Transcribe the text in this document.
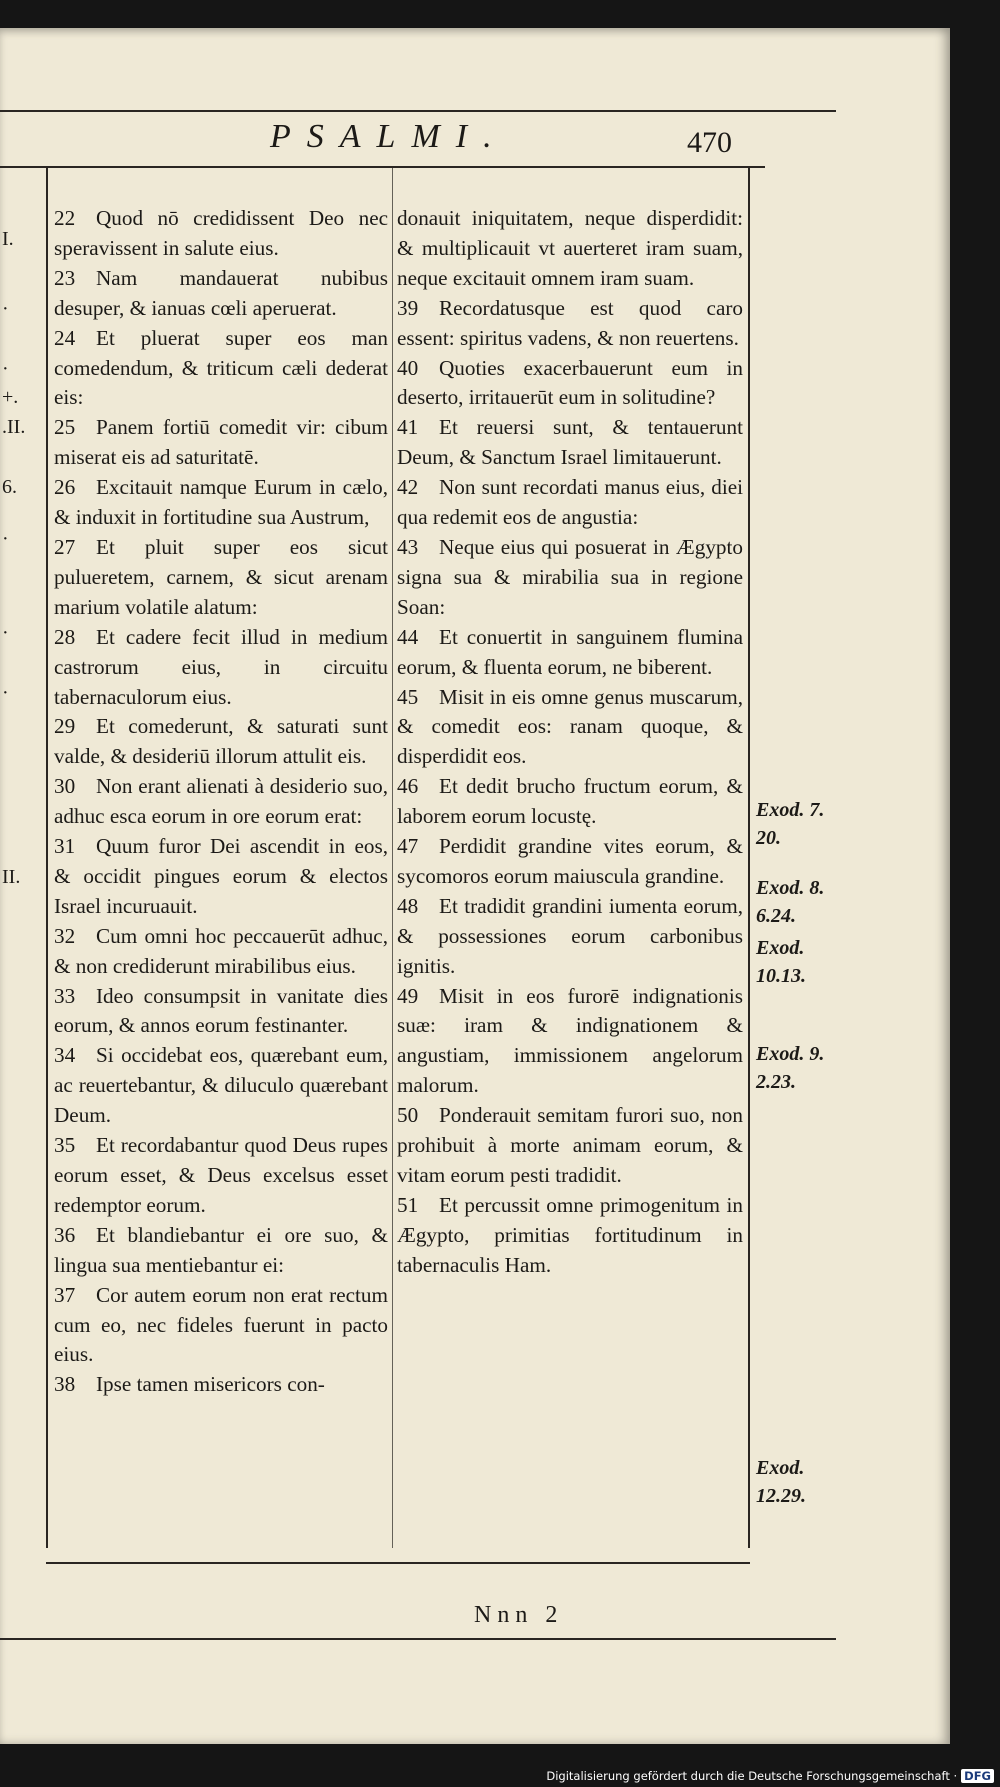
PSALMI.	470
I.
·
·
+.
.II.
6.
·
·
·
II.

22 Quod nō credidissent Deo nec speravissent in salute eius.

23 Nam mandauerat nubibus desuper, & ianuas cœli aperuerat.

24 Et pluerat super eos man comedendum, & triticum cæli dederat eis:

25 Panem fortiū comedit vir: cibum miserat eis ad saturitatē.

26 Excitauit namque Eurum in cælo, & induxit in fortitudine sua Austrum,

27 Et pluit super eos sicut pulueretem, carnem, & sicut arenam marium volatile alatum:

28 Et cadere fecit illud in medium castrorum eius, in circuitu tabernaculorum eius.

29 Et comederunt, & saturati sunt valde, & desideriū illorum attulit eis.

30 Non erant alienati à desiderio suo, adhuc esca eorum in ore eorum erat:

31 Quum furor Dei ascendit in eos, & occidit pingues eorum & electos Israel incuruauit.

32 Cum omni hoc peccauerūt adhuc, & non crediderunt mirabilibus eius.

33 Ideo consumpsit in vanitate dies eorum, & annos eorum festinanter.

34 Si occidebat eos, quærebant eum, ac reuertebantur, & diluculo quærebant Deum.

35 Et recordabantur quod Deus rupes eorum esset, & Deus excelsus esset redemptor eorum.

36 Et blandiebantur ei ore suo, & lingua sua mentiebantur ei:

37 Cor autem eorum non erat rectum cum eo, nec fideles fuerunt in pacto eius.

38 Ipse tamen misericors con-

donauit iniquitatem, neque disperdidit: & multiplicauit vt auerteret iram suam, neque excitauit omnem iram suam.

39 Recordatusque est quod caro essent: spiritus vadens, & non reuertens.

40 Quoties exacerbauerunt eum in deserto, irritauerūt eum in solitudine?

41 Et reuersi sunt, & tentauerunt Deum, & Sanctum Israel limitauerunt.

42 Non sunt recordati manus eius, diei qua redemit eos de angustia:

43 Neque eius qui posuerat in Ægypto signa sua & mirabilia sua in regione Soan:

44 Et conuertit in sanguinem flumina eorum, & fluenta eorum, ne biberent.

45 Misit in eis omne genus muscarum, & comedit eos: ranam quoque, & disperdidit eos.

46 Et dedit brucho fructum eorum, & laborem eorum locustę.

47 Perdidit grandine vites eorum, & sycomoros eorum maiuscula grandine.

48 Et tradidit grandini iumenta eorum, & possessiones eorum carbonibus ignitis.

49 Misit in eos furorē indignationis suæ: iram & indignationem & angustiam, immissionem angelorum malorum.

50 Ponderauit semitam furori suo, non prohibuit à morte animam eorum, & vitam eorum pesti tradidit.

51 Et percussit omne primogenitum in Ægypto, primitias fortitudinum in tabernaculis Ham.

Exod. 7.
20.
Exod. 8.
6.24.
Exod.
10.13.
Exod. 9.
2.23.
Exod.
12.29.
Nnn 2
Digitalisierung gefördert durch die Deutsche Forschungsgemeinschaft · DFG
